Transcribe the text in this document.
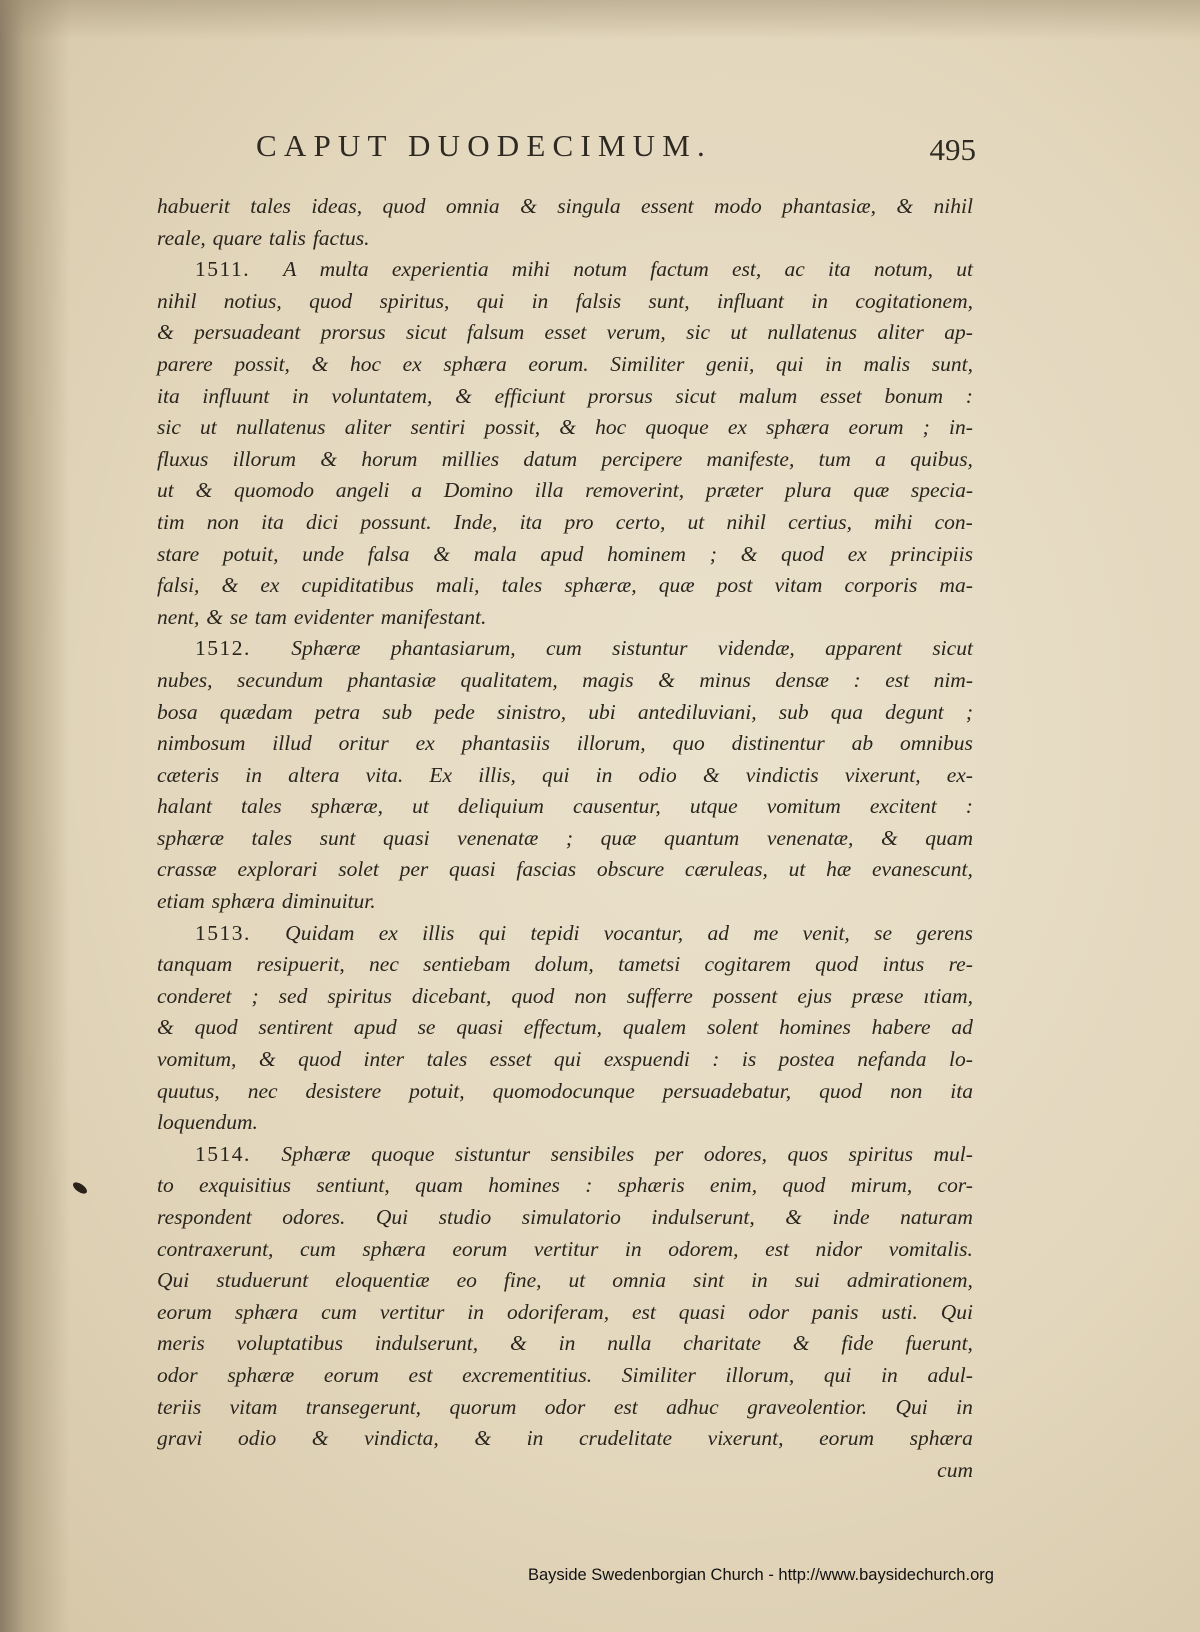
CAPUT DUODECIMUM.	495
habuerit tales ideas, quod omnia & singula essent modo phantasiæ, & nihil
reale, quare talis factus.
1511. A multa experientia mihi notum factum est, ac ita notum, ut
nihil notius, quod spiritus, qui in falsis sunt, influant in cogitationem,
& persuadeant prorsus sicut falsum esset verum, sic ut nullatenus aliter ap-
parere possit, & hoc ex sphæra eorum. Similiter genii, qui in malis sunt,
ita influunt in voluntatem, & efficiunt prorsus sicut malum esset bonum :
sic ut nullatenus aliter sentiri possit, & hoc quoque ex sphæra eorum ; in-
fluxus illorum & horum millies datum percipere manifeste, tum a quibus,
ut & quomodo angeli a Domino illa removerint, præter plura quæ specia-
tim non ita dici possunt. Inde, ita pro certo, ut nihil certius, mihi con-
stare potuit, unde falsa & mala apud hominem ; & quod ex principiis
falsi, & ex cupiditatibus mali, tales sphæræ, quæ post vitam corporis ma-
nent, & se tam evidenter manifestant.
1512. Sphæræ phantasiarum, cum sistuntur videndæ, apparent sicut
nubes, secundum phantasiæ qualitatem, magis & minus densæ : est nim-
bosa quædam petra sub pede sinistro, ubi antediluviani, sub qua degunt ;
nimbosum illud oritur ex phantasiis illorum, quo distinentur ab omnibus
cæteris in altera vita. Ex illis, qui in odio & vindictis vixerunt, ex-
halant tales sphæræ, ut deliquium causentur, utque vomitum excitent :
sphæræ tales sunt quasi venenatæ ; quæ quantum venenatæ, & quam
crassæ explorari solet per quasi fascias obscure cæruleas, ut hæ evanescunt,
etiam sphæra diminuitur.
1513. Quidam ex illis qui tepidi vocantur, ad me venit, se gerens
tanquam resipuerit, nec sentiebam dolum, tametsi cogitarem quod intus re-
conderet ; sed spiritus dicebant, quod non sufferre possent ejus præse ıtiam,
& quod sentirent apud se quasi effectum, qualem solent homines habere ad
vomitum, & quod inter tales esset qui exspuendi : is postea nefanda lo-
quutus, nec desistere potuit, quomodocunque persuadebatur, quod non ita
loquendum.
1514. Sphæræ quoque sistuntur sensibiles per odores, quos spiritus mul-
to exquisitius sentiunt, quam homines : sphæris enim, quod mirum, cor-
respondent odores. Qui studio simulatorio indulserunt, & inde naturam
contraxerunt, cum sphæra eorum vertitur in odorem, est nidor vomitalis.
Qui studuerunt eloquentiæ eo fine, ut omnia sint in sui admirationem,
eorum sphæra cum vertitur in odoriferam, est quasi odor panis usti. Qui
meris voluptatibus indulserunt, & in nulla charitate & fide fuerunt,
odor sphæræ eorum est excrementitius. Similiter illorum, qui in adul-
teriis vitam transegerunt, quorum odor est adhuc graveolentior. Qui in
gravi odio & vindicta, & in crudelitate vixerunt, eorum sphæra
cum
Bayside Swedenborgian Church - http://www.baysidechurch.org
